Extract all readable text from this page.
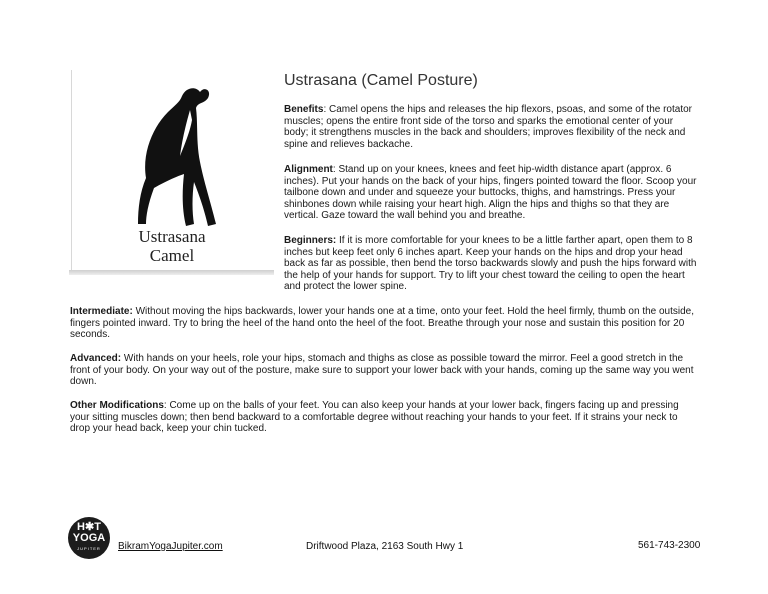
Ustrasana
Camel
Ustrasana (Camel Posture)

Benefits: Camel opens the hips and releases the hip flexors, psoas, and some of the rotator muscles; opens the entire front side of the torso and sparks the emotional center of your body; it strengthens muscles in the back and shoulders; improves flexibility of the neck and spine and relieves backache.

Alignment: Stand up on your knees, knees and feet hip-width distance apart (approx. 6 inches). Put your hands on the back of your hips, fingers pointed toward the floor. Scoop your tailbone down and under and squeeze your buttocks, thighs, and hamstrings. Press your shinbones down while raising your heart high. Align the hips and thighs so that they are vertical. Gaze toward the wall behind you and breathe.

Beginners: If it is more comfortable for your knees to be a little farther apart, open them to 8 inches but keep feet only 6 inches apart. Keep your hands on the hips and drop your head back as far as possible, then bend the torso backwards slowly and push the hips forward with the help of your hands for support. Try to lift your chest toward the ceiling to open the heart and protect the lower spine.

Intermediate: Without moving the hips backwards, lower your hands one at a time, onto your feet. Hold the heel firmly, thumb on the outside, fingers pointed inward. Try to bring the heel of the hand onto the heel of the foot. Breathe through your nose and sustain this position for 20 seconds.

Advanced: With hands on your heels, role your hips, stomach and thighs as close as possible toward the mirror. Feel a good stretch in the front of your body. On your way out of the posture, make sure to support your lower back with your hands, coming up the same way you went down.

Other Modifications: Come up on the balls of your feet. You can also keep your hands at your lower back, fingers facing up and pressing your sitting muscles down; then bend backward to a comfortable degree without reaching your hands to your feet. If it strains your neck to drop your head back, keep your chin tucked.

H✱T
YOGA
JUPITER	BikramYogaJupiter.com	Driftwood Plaza, 2163 South Hwy 1	561-743-2300
